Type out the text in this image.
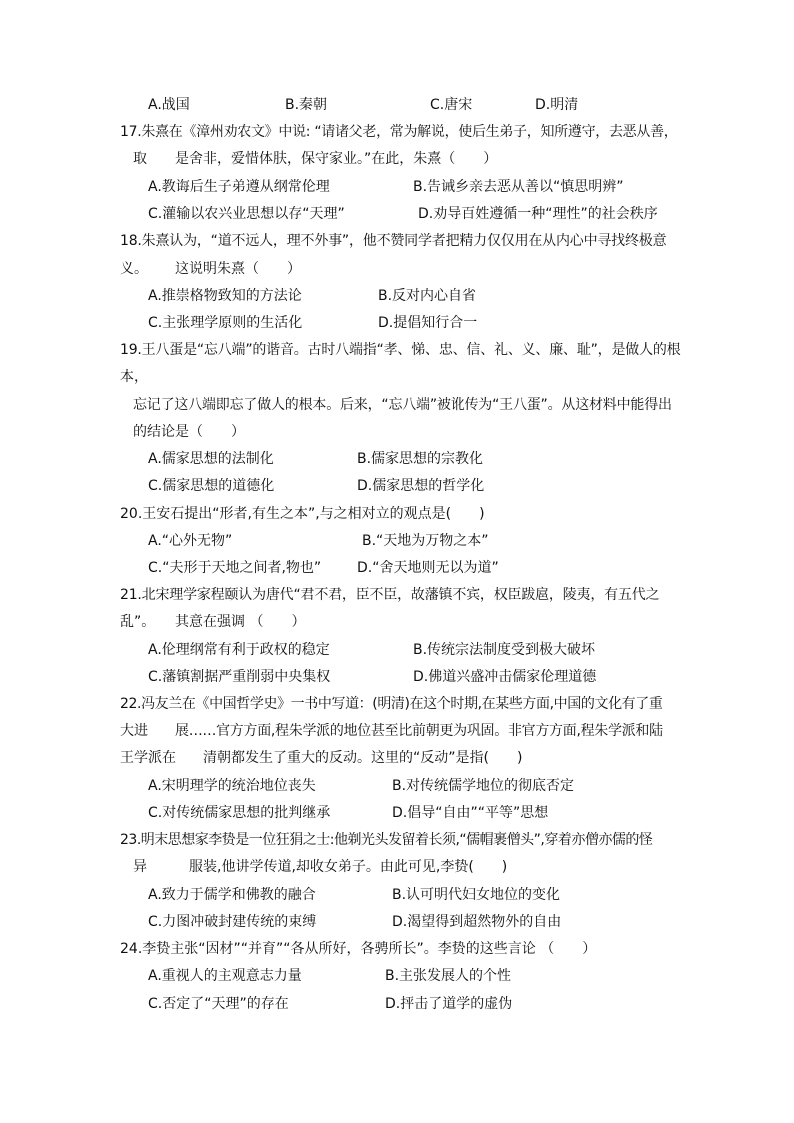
A.战国	B.秦朝	C.唐宋	D.明清
17.朱熹在《漳州劝农文》中说: “请诸父老，常为解说，使后生弟子，知所遵守，去恶从善，
取 是舍非，爱惜体肤，保守家业。”在此，朱熹（　　）
A.教诲后生子弟遵从纲常伦理	B.告诫乡亲去恶从善以“慎思明辨”
C.灌输以农兴业思想以存“天理”	D.劝导百姓遵循一种“理性”的社会秩序
18.朱熹认为，“道不远人，理不外事”，他不赞同学者把精力仅仅用在从内心中寻找终极意
义。 这说明朱熹（　　）
A.推崇格物致知的方法论	B.反对内心自省
C.主张理学原则的生活化	D.提倡知行合一
19.王八蛋是“忘八端”的谐音。古时八端指“孝、悌、忠、信、礼、义、廉、耻”，是做人的根
本，
忘记了这八端即忘了做人的根本。后来，“忘八端”被讹传为“王八蛋”。从这材料中能得出
的结论是（　　）
A.儒家思想的法制化	B.儒家思想的宗教化
C.儒家思想的道德化	D.儒家思想的哲学化
20.王安石提出“形者,有生之本”,与之相对立的观点是(　　)
A.“心外无物”	B.“天地为万物之本”
C.“夫形于天地之间者,物也”	D.“舍天地则无以为道”
21.北宋理学家程颐认为唐代“君不君，臣不臣，故藩镇不宾，权臣跋扈，陵夷，有五代之
乱”。 其意在强调 （　　）
A.伦理纲常有利于政权的稳定	B.传统宗法制度受到极大破坏
C.藩镇割据严重削弱中央集权	D.佛道兴盛冲击儒家伦理道德
22.冯友兰在《中国哲学史》一书中写道：(明清)在这个时期,在某些方面,中国的文化有了重
大进 展……官方方面,程朱学派的地位甚至比前朝更为巩固。非官方方面,程朱学派和陆
王学派在 清朝都发生了重大的反动。这里的“反动”是指(　　)
A.宋明理学的统治地位丧失	B.对传统儒学地位的彻底否定
C.对传统儒家思想的批判继承	D.倡导“自由”“平等”思想
23.明末思想家李贽是一位狂狷之士:他剃光头发留着长须,“儒帽裹僧头”,穿着亦僧亦儒的怪
异	服装,他讲学传道,却收女弟子。由此可见,李贽(　　)
A.致力于儒学和佛教的融合	B.认可明代妇女地位的变化
C.力图冲破封建传统的束缚	D.渴望得到超然物外的自由
24.李贽主张“因材”“并育”“各从所好，各骋所长”。李贽的这些言论 （　　）
A.重视人的主观意志力量	B.主张发展人的个性
C.否定了“天理”的存在	D.抨击了道学的虚伪
